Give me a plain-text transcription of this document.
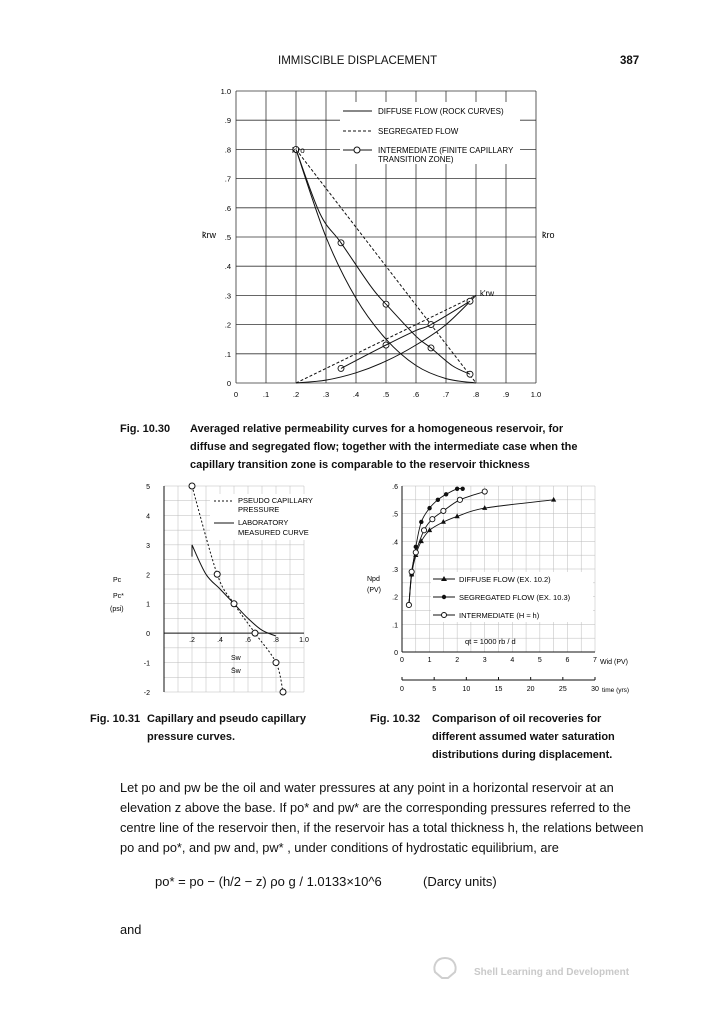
IMMISCIBLE DISPLACEMENT	387
0	.1	.2	.3	.4	.5	.6	.7	.8	.9	1.0
0
.1
.2
.3
.4
.5
.6
.7
.8
.9
1.0
k̄rw	k̄ro
k'ro
k'rw
DIFFUSE FLOW (ROCK CURVES)
SEGREGATED FLOW
INTERMEDIATE (FINITE CAPILLARY
TRANSITION ZONE)
Fig. 10.30 Averaged relative permeability curves for a homogeneous reservoir, for
diffuse and segregated flow; together with the intermediate case when the
capillary transition zone is comparable to the reservoir thickness
.2	.4	.6	.8	1.0
5
4
3
2
1
0
-1
-2
Pc
Pc*
(psi)
Sw
S̄w
PSEUDO CAPILLARY
PRESSURE
LABORATORY
MEASURED CURVE
Fig. 10.31 Capillary and pseudo capillary
pressure curves.
0	1	2	3	4	5	6	7
.6
.5
.4
.3
.2
.1
0
0	5	10	15	20	25	30
Npd
(PV)
DIFFUSE FLOW (EX. 10.2)
SEGREGATED FLOW (EX. 10.3)
INTERMEDIATE (H ≈ h)
qt = 1000 rb / d
Wid (PV)
time (yrs)
Fig. 10.32 Comparison of oil recoveries for
different assumed water saturation
distributions during displacement.

Let po and pw be the oil and water pressures at any point in a horizontal reservoir at an elevation z above the base. If po* and pw* are the corresponding pressures referred to the centre line of the reservoir then, if the reservoir has a total thickness h, the relations between po and po*, and pw and, pw* , under conditions of hydrostatic equilibrium, are

po* = po − (h/2 − z) ρo g / 1.0133×10^6	(Darcy units)
and
Shell Learning and Development
